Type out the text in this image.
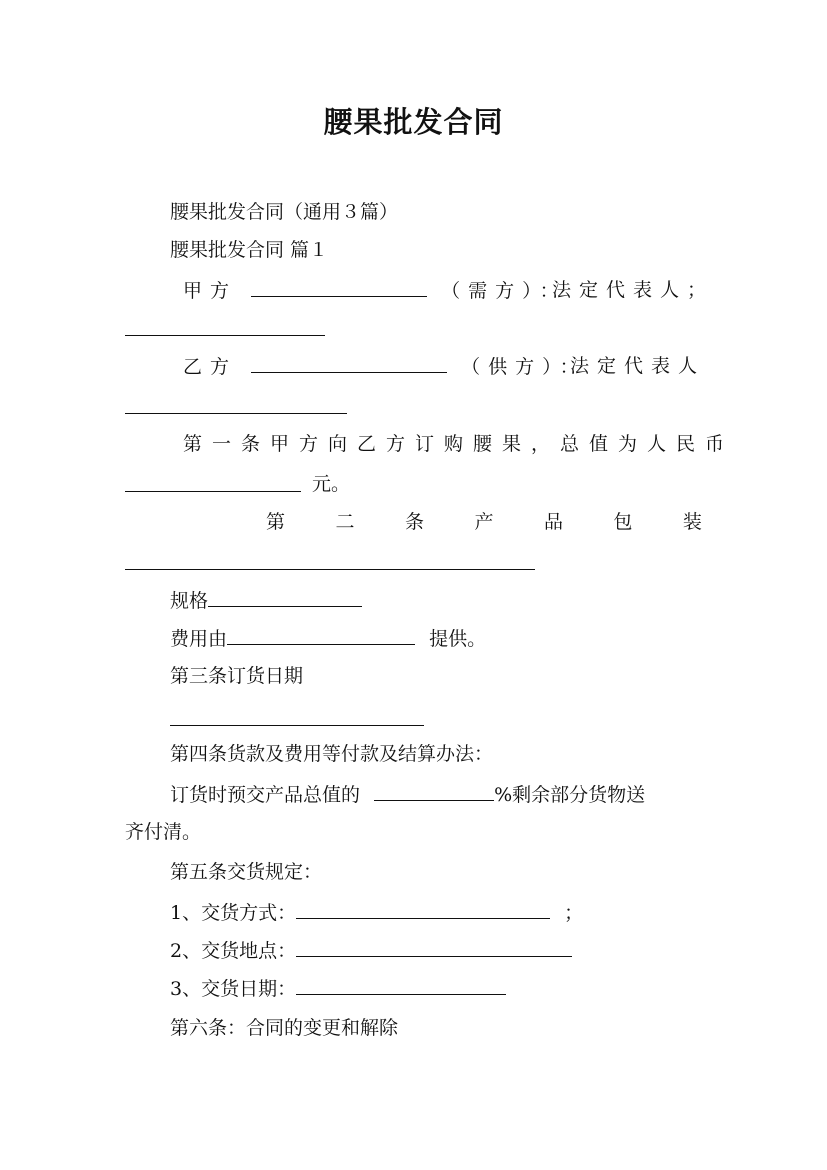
腰果批发合同
腰果批发合同（通用３篇）
腰果批发合同 篇１
甲方	（需方）：
法定代表人；
乙方	（供方）：
法定代表人
第一条甲方向乙方订购腰果，总值为人民币
元。
第	二	条	产	品	包	装
规格
费用由	提供。
第三条订货日期
第四条货款及费用等付款及结算办法：
订货时预交产品总值的	%剩余部分货物送
齐付清。
第五条交货规定：
1、交货方式：	；
2、交货地点：
3、交货日期：
第六条：合同的变更和解除
